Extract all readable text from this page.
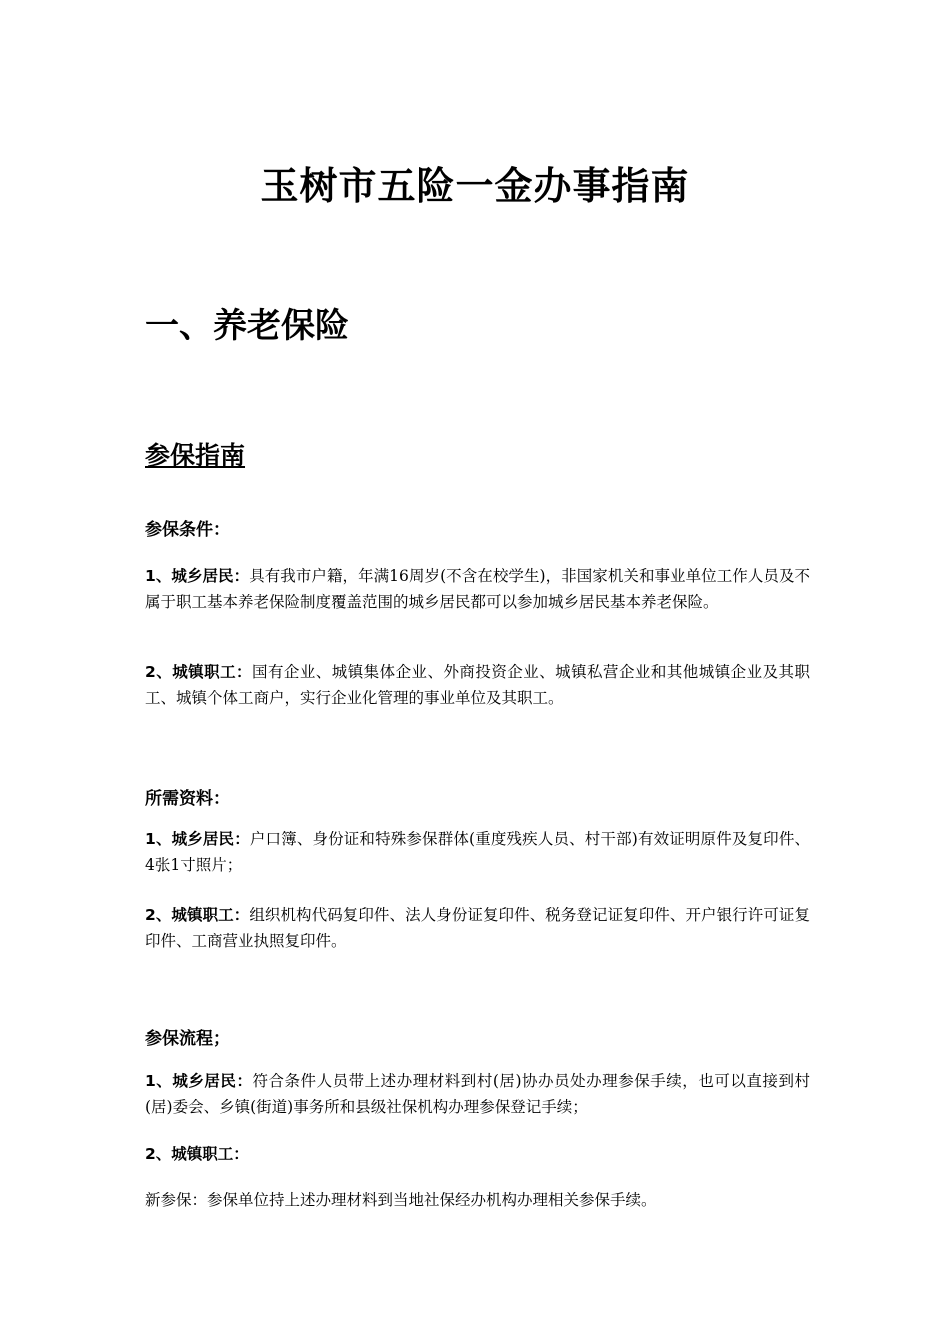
玉树市五险一金办事指南
一、养老保险
参保指南
参保条件：
1、城乡居民：具有我市户籍，年满16周岁(不含在校学生)，非国家机关和事业单位工作人员及不属于职工基本养老保险制度覆盖范围的城乡居民都可以参加城乡居民基本养老保险。
2、城镇职工：国有企业、城镇集体企业、外商投资企业、城镇私营企业和其他城镇企业及其职工、城镇个体工商户，实行企业化管理的事业单位及其职工。
所需资料：
1、城乡居民：户口簿、身份证和特殊参保群体(重度残疾人员、村干部)有效证明原件及复印件、4张1寸照片；
2、城镇职工：组织机构代码复印件、法人身份证复印件、税务登记证复印件、开户银行许可证复印件、工商营业执照复印件。
参保流程；
1、城乡居民：符合条件人员带上述办理材料到村(居)协办员处办理参保手续，也可以直接到村(居)委会、乡镇(街道)事务所和县级社保机构办理参保登记手续；
2、城镇职工：
新参保：参保单位持上述办理材料到当地社保经办机构办理相关参保手续。
